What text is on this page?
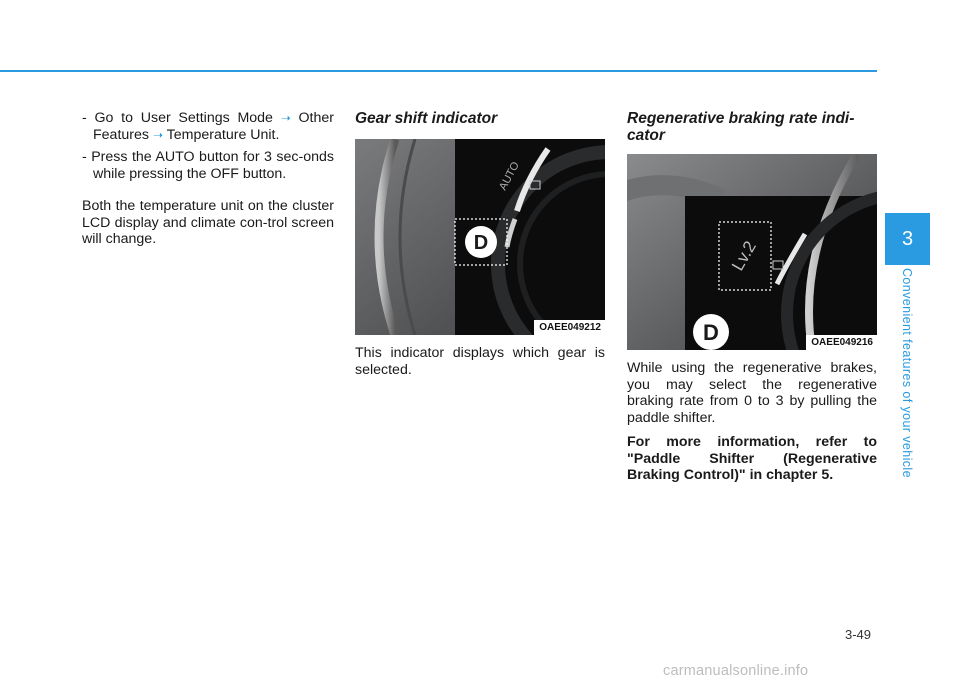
- Go to User Settings Mode ➝ Other Features ➝ Temperature Unit.

- Press the AUTO button for 3 sec-onds while pressing the OFF button.

Both the temperature unit on the cluster LCD display and climate con-trol screen will change.

Gear shift indicator
AUTO
D
OAEE049212

This indicator displays which gear is selected.

Regenerative braking rate indi-cator
Lv.2
D	OAEE049216

While using the regenerative brakes, you may select the regenerative braking rate from 0 to 3 by pulling the paddle shifter.

For more information, refer to "Paddle Shifter (Regenerative Braking Control)" in chapter 5.

3
Convenient features of your vehicle
3-49
carmanualsonline.info
